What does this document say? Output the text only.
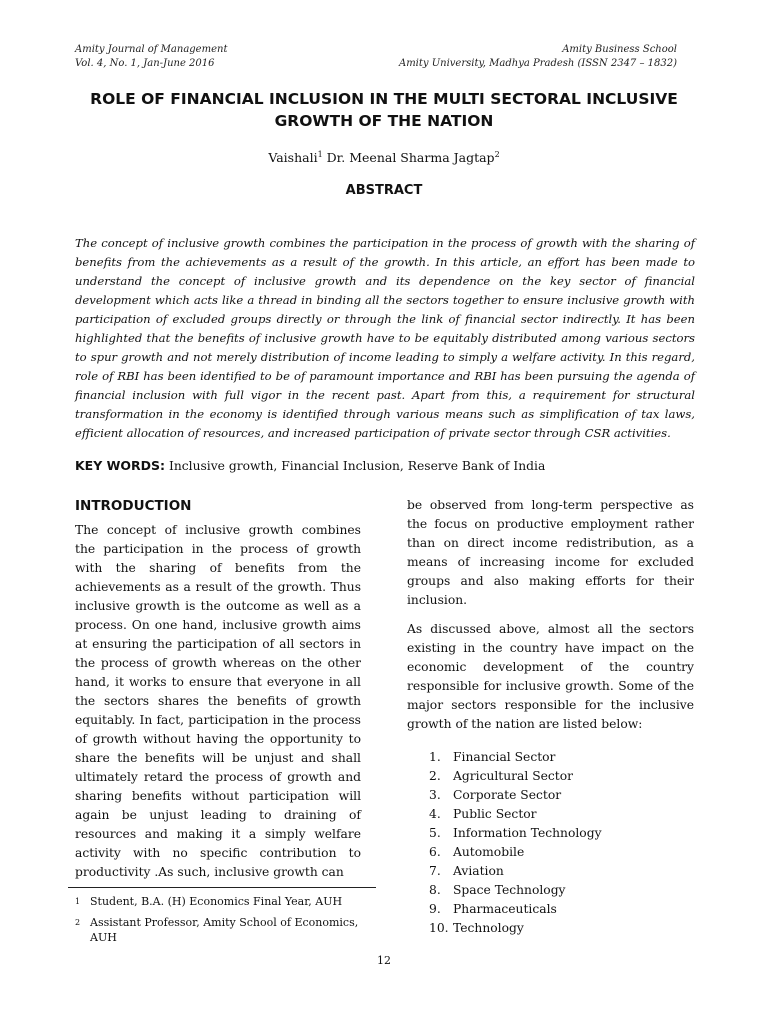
Amity Journal of Management
Vol. 4, No. 1, Jan-June 2016
Amity Business School
Amity University, Madhya Pradesh (ISSN 2347 – 1832)
ROLE OF FINANCIAL INCLUSION IN THE MULTI SECTORAL INCLUSIVE GROWTH OF THE NATION
Vaishali$^1$ Dr. Meenal Sharma Jagtap$^2$
ABSTRACT
The concept of inclusive growth combines the participation in the process of growth with the sharing of benefits from the achievements as a result of the growth. In this article, an effort has been made to understand the concept of inclusive growth and its dependence on the key sector of financial development which acts like a thread in binding all the sectors together to ensure inclusive growth with participation of excluded groups directly or through the link of financial sector indirectly. It has been highlighted that the benefits of inclusive growth have to be equitably distributed among various sectors to spur growth and not merely distribution of income leading to simply a welfare activity. In this regard, role of RBI has been identified to be of paramount importance and RBI has been pursuing the agenda of financial inclusion with full vigor in the recent past. Apart from this, a requirement for structural transformation in the economy is identified through various means such as simplification of tax laws, efficient allocation of resources, and increased participation of private sector through CSR activities.
KEY WORDS: Inclusive growth, Financial Inclusion, Reserve Bank of India
INTRODUCTION

The concept of inclusive growth combines the participation in the process of growth with the sharing of benefits from the achievements as a result of the growth. Thus inclusive growth is the outcome as well as a process. On one hand, inclusive growth aims at ensuring the participation of all sectors in the process of growth whereas on the other hand, it works to ensure that everyone in all the sectors shares the benefits of growth equitably. In fact, participation in the process of growth without having the opportunity to share the benefits will be unjust and shall ultimately retard the process of growth and sharing benefits without participation will again be unjust leading to draining of resources and making it a simply welfare activity with no specific contribution to productivity .As such, inclusive growth can

be observed from long-term perspective as the focus on productive employment rather than on direct income redistribution, as a means of increasing income for excluded groups and also making efforts for their inclusion.

As discussed above, almost all the sectors existing in the country have impact on the economic development of the country responsible for inclusive growth. Some of the major sectors responsible for the inclusive growth of the nation are listed below:

1. Financial Sector
2. Agricultural Sector
3. Corporate Sector
4. Public Sector
5. Information Technology
6. Automobile
7. Aviation
8. Space Technology
9. Pharmaceuticals
10. Technology
1 Student, B.A. (H) Economics Final Year, AUH
2 Assistant Professor, Amity School of Economics, AUH
12
